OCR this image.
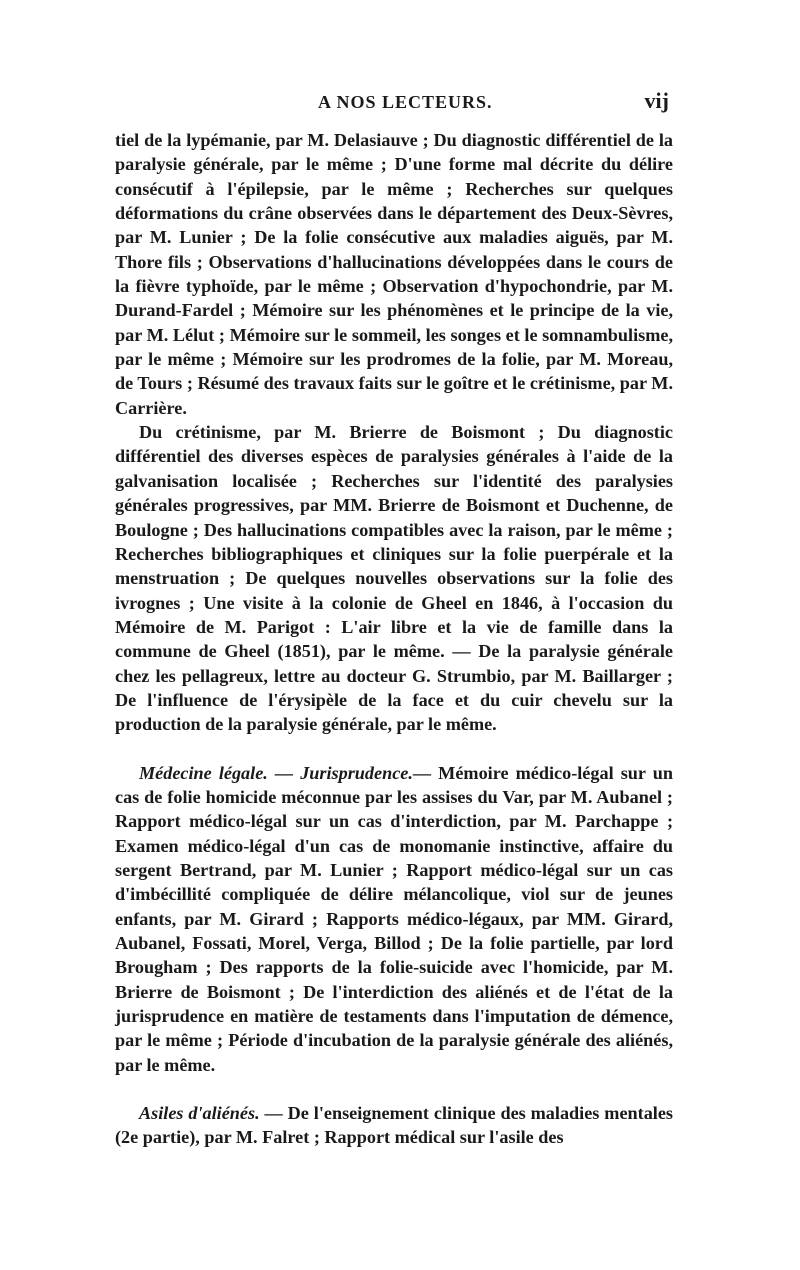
A NOS LECTEURS.	vij

tiel de la lypémanie, par M. Delasiauve ; Du diagnostic différentiel de la paralysie générale, par le même ; D'une forme mal décrite du délire consécutif à l'épilepsie, par le même ; Recherches sur quelques déformations du crâne observées dans le département des Deux-Sèvres, par M. Lunier ; De la folie consécutive aux maladies aiguës, par M. Thore fils ; Observations d'hallucinations développées dans le cours de la fièvre typhoïde, par le même ; Observation d'hypochondrie, par M. Durand-Fardel ; Mémoire sur les phénomènes et le principe de la vie, par M. Lélut ; Mémoire sur le sommeil, les songes et le somnambulisme, par le même ; Mémoire sur les prodromes de la folie, par M. Moreau, de Tours ; Résumé des travaux faits sur le goître et le crétinisme, par M. Carrière.

Du crétinisme, par M. Brierre de Boismont ; Du diagnostic différentiel des diverses espèces de paralysies générales à l'aide de la galvanisation localisée ; Recherches sur l'identité des paralysies générales progressives, par MM. Brierre de Boismont et Duchenne, de Boulogne ; Des hallucinations compatibles avec la raison, par le même ; Recherches bibliographiques et cliniques sur la folie puerpérale et la menstruation ; De quelques nouvelles observations sur la folie des ivrognes ; Une visite à la colonie de Gheel en 1846, à l'occasion du Mémoire de M. Parigot : L'air libre et la vie de famille dans la commune de Gheel (1851), par le même. — De la paralysie générale chez les pellagreux, lettre au docteur G. Strumbio, par M. Baillarger ; De l'influence de l'érysipèle de la face et du cuir chevelu sur la production de la paralysie générale, par le même.

Médecine légale. — Jurisprudence.— Mémoire médico-légal sur un cas de folie homicide méconnue par les assises du Var, par M. Aubanel ; Rapport médico-légal sur un cas d'interdiction, par M. Parchappe ; Examen médico-légal d'un cas de monomanie instinctive, affaire du sergent Bertrand, par M. Lunier ; Rapport médico-légal sur un cas d'imbécillité compliquée de délire mélancolique, viol sur de jeunes enfants, par M. Girard ; Rapports médico-légaux, par MM. Girard, Aubanel, Fossati, Morel, Verga, Billod ; De la folie partielle, par lord Brougham ; Des rapports de la folie-suicide avec l'homicide, par M. Brierre de Boismont ; De l'interdiction des aliénés et de l'état de la jurisprudence en matière de testaments dans l'imputation de démence, par le même ; Période d'incubation de la paralysie générale des aliénés, par le même.

Asiles d'aliénés. — De l'enseignement clinique des maladies mentales (2e partie), par M. Falret ; Rapport médical sur l'asile des
